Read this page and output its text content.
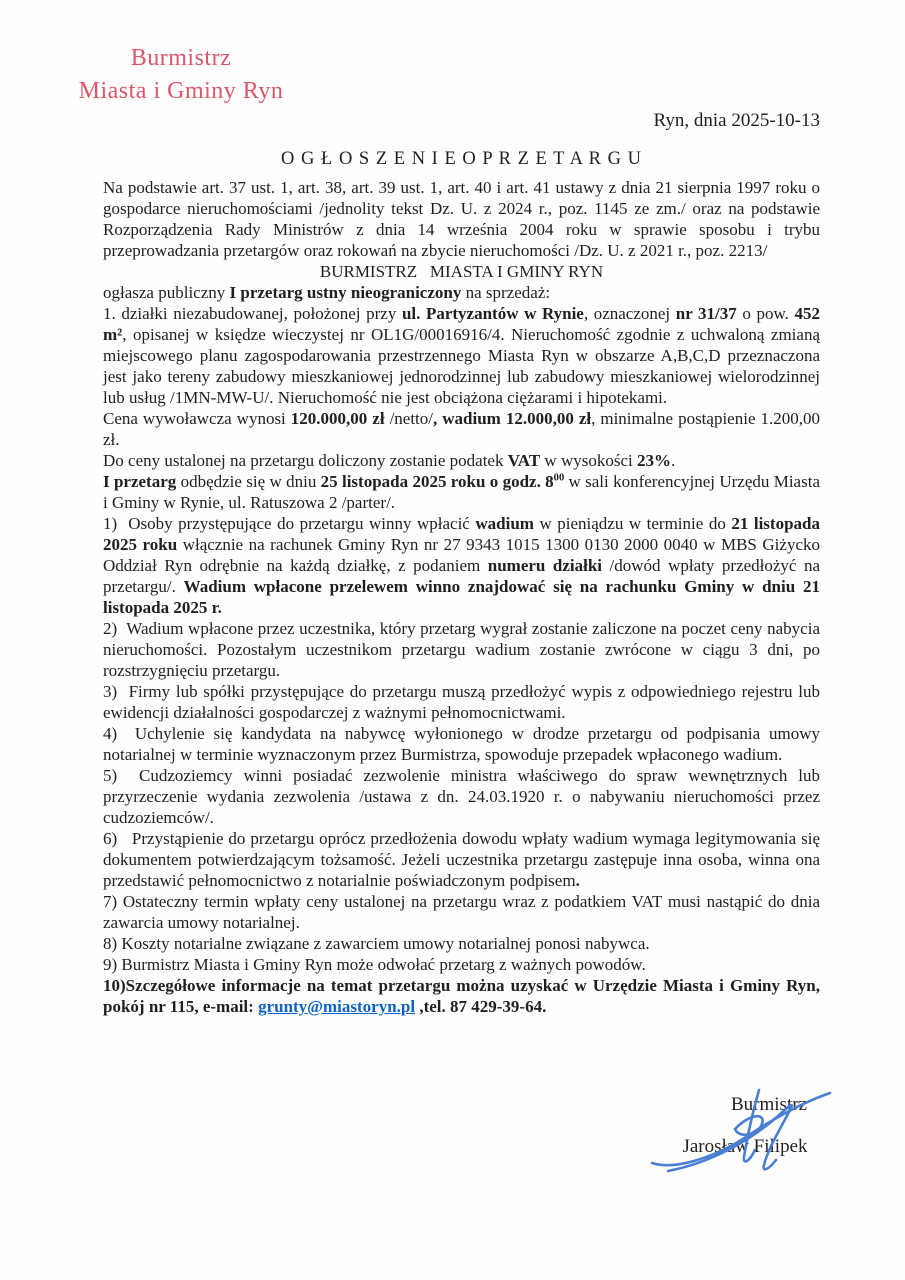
Burmistrz
Miasta i Gminy Ryn

Ryn, dnia 2025-10-13

O G Ł O S Z E N I E O P R Z E T A R G U

Na podstawie art. 37 ust. 1, art. 38, art. 39 ust. 1, art. 40 i art. 41 ustawy z dnia 21 sierpnia 1997 roku o gospodarce nieruchomościami /jednolity tekst Dz. U. z 2024 r., poz. 1145 ze zm./ oraz na podstawie Rozporządzenia Rady Ministrów z dnia 14 września 2004 roku w sprawie sposobu i trybu przeprowadzania przetargów oraz rokowań na zbycie nieruchomości /Dz. U. z 2021 r., poz. 2213/

BURMISTRZ   MIASTA I GMINY RYN

ogłasza publiczny I przetarg ustny nieograniczony na sprzedaż:

1. działki niezabudowanej, położonej przy ul. Partyzantów w Rynie, oznaczonej nr 31/37 o pow. 452 m², opisanej w księdze wieczystej nr OL1G/00016916/4. Nieruchomość zgodnie z uchwaloną zmianą miejscowego planu zagospodarowania przestrzennego Miasta Ryn w obszarze A,B,C,D przeznaczona jest jako tereny zabudowy mieszkaniowej jednorodzinnej lub zabudowy mieszkaniowej wielorodzinnej lub usług /1MN-MW-U/. Nieruchomość nie jest obciążona ciężarami i hipotekami.

Cena wywoławcza wynosi 120.000,00 zł /netto/, wadium 12.000,00 zł, minimalne postąpienie 1.200,00 zł.

Do ceny ustalonej na przetargu doliczony zostanie podatek VAT w wysokości 23%.

I przetarg odbędzie się w dniu 25 listopada 2025 roku o godz. $8^{00}$ w sali konferencyjnej Urzędu Miasta i Gminy w Rynie, ul. Ratuszowa 2 /parter/.

1)  Osoby przystępujące do przetargu winny wpłacić wadium w pieniądzu w terminie do 21 listopada 2025 roku włącznie na rachunek Gminy Ryn nr 27 9343 1015 1300 0130 2000 0040 w MBS Giżycko Oddział Ryn odrębnie na każdą działkę, z podaniem numeru działki /dowód wpłaty przedłożyć na przetargu/. Wadium wpłacone przelewem winno znajdować się na rachunku Gminy w dniu 21 listopada 2025 r.

2)  Wadium wpłacone przez uczestnika, który przetarg wygrał zostanie zaliczone na poczet ceny nabycia nieruchomości. Pozostałym uczestnikom przetargu wadium zostanie zwrócone w ciągu 3 dni, po rozstrzygnięciu przetargu.

3)  Firmy lub spółki przystępujące do przetargu muszą przedłożyć wypis z odpowiedniego rejestru lub ewidencji działalności gospodarczej z ważnymi pełnomocnictwami.

4)  Uchylenie się kandydata na nabywcę wyłonionego w drodze przetargu od podpisania umowy notarialnej w terminie wyznaczonym przez Burmistrza, spowoduje przepadek wpłaconego wadium.

5)  Cudzoziemcy winni posiadać zezwolenie ministra właściwego do spraw wewnętrznych lub przyrzeczenie wydania zezwolenia /ustawa z dn. 24.03.1920 r. o nabywaniu nieruchomości przez cudzoziemców/.

6)   Przystąpienie do przetargu oprócz przedłożenia dowodu wpłaty wadium wymaga legitymowania się dokumentem potwierdzającym tożsamość. Jeżeli uczestnika przetargu zastępuje inna osoba, winna ona przedstawić pełnomocnictwo z notarialnie poświadczonym podpisem.

7) Ostateczny termin wpłaty ceny ustalonej na przetargu wraz z podatkiem VAT musi nastąpić do dnia zawarcia umowy notarialnej.

8) Koszty notarialne związane z zawarciem umowy notarialnej ponosi nabywca.

9) Burmistrz Miasta i Gminy Ryn może odwołać przetarg z ważnych powodów.

10)Szczegółowe informacje na temat przetargu można uzyskać w Urzędzie Miasta i Gminy Ryn, pokój nr 115, e-mail: grunty@miastoryn.pl ,tel. 87 429-39-64.

Burmistrz
Jarosław Filipek
